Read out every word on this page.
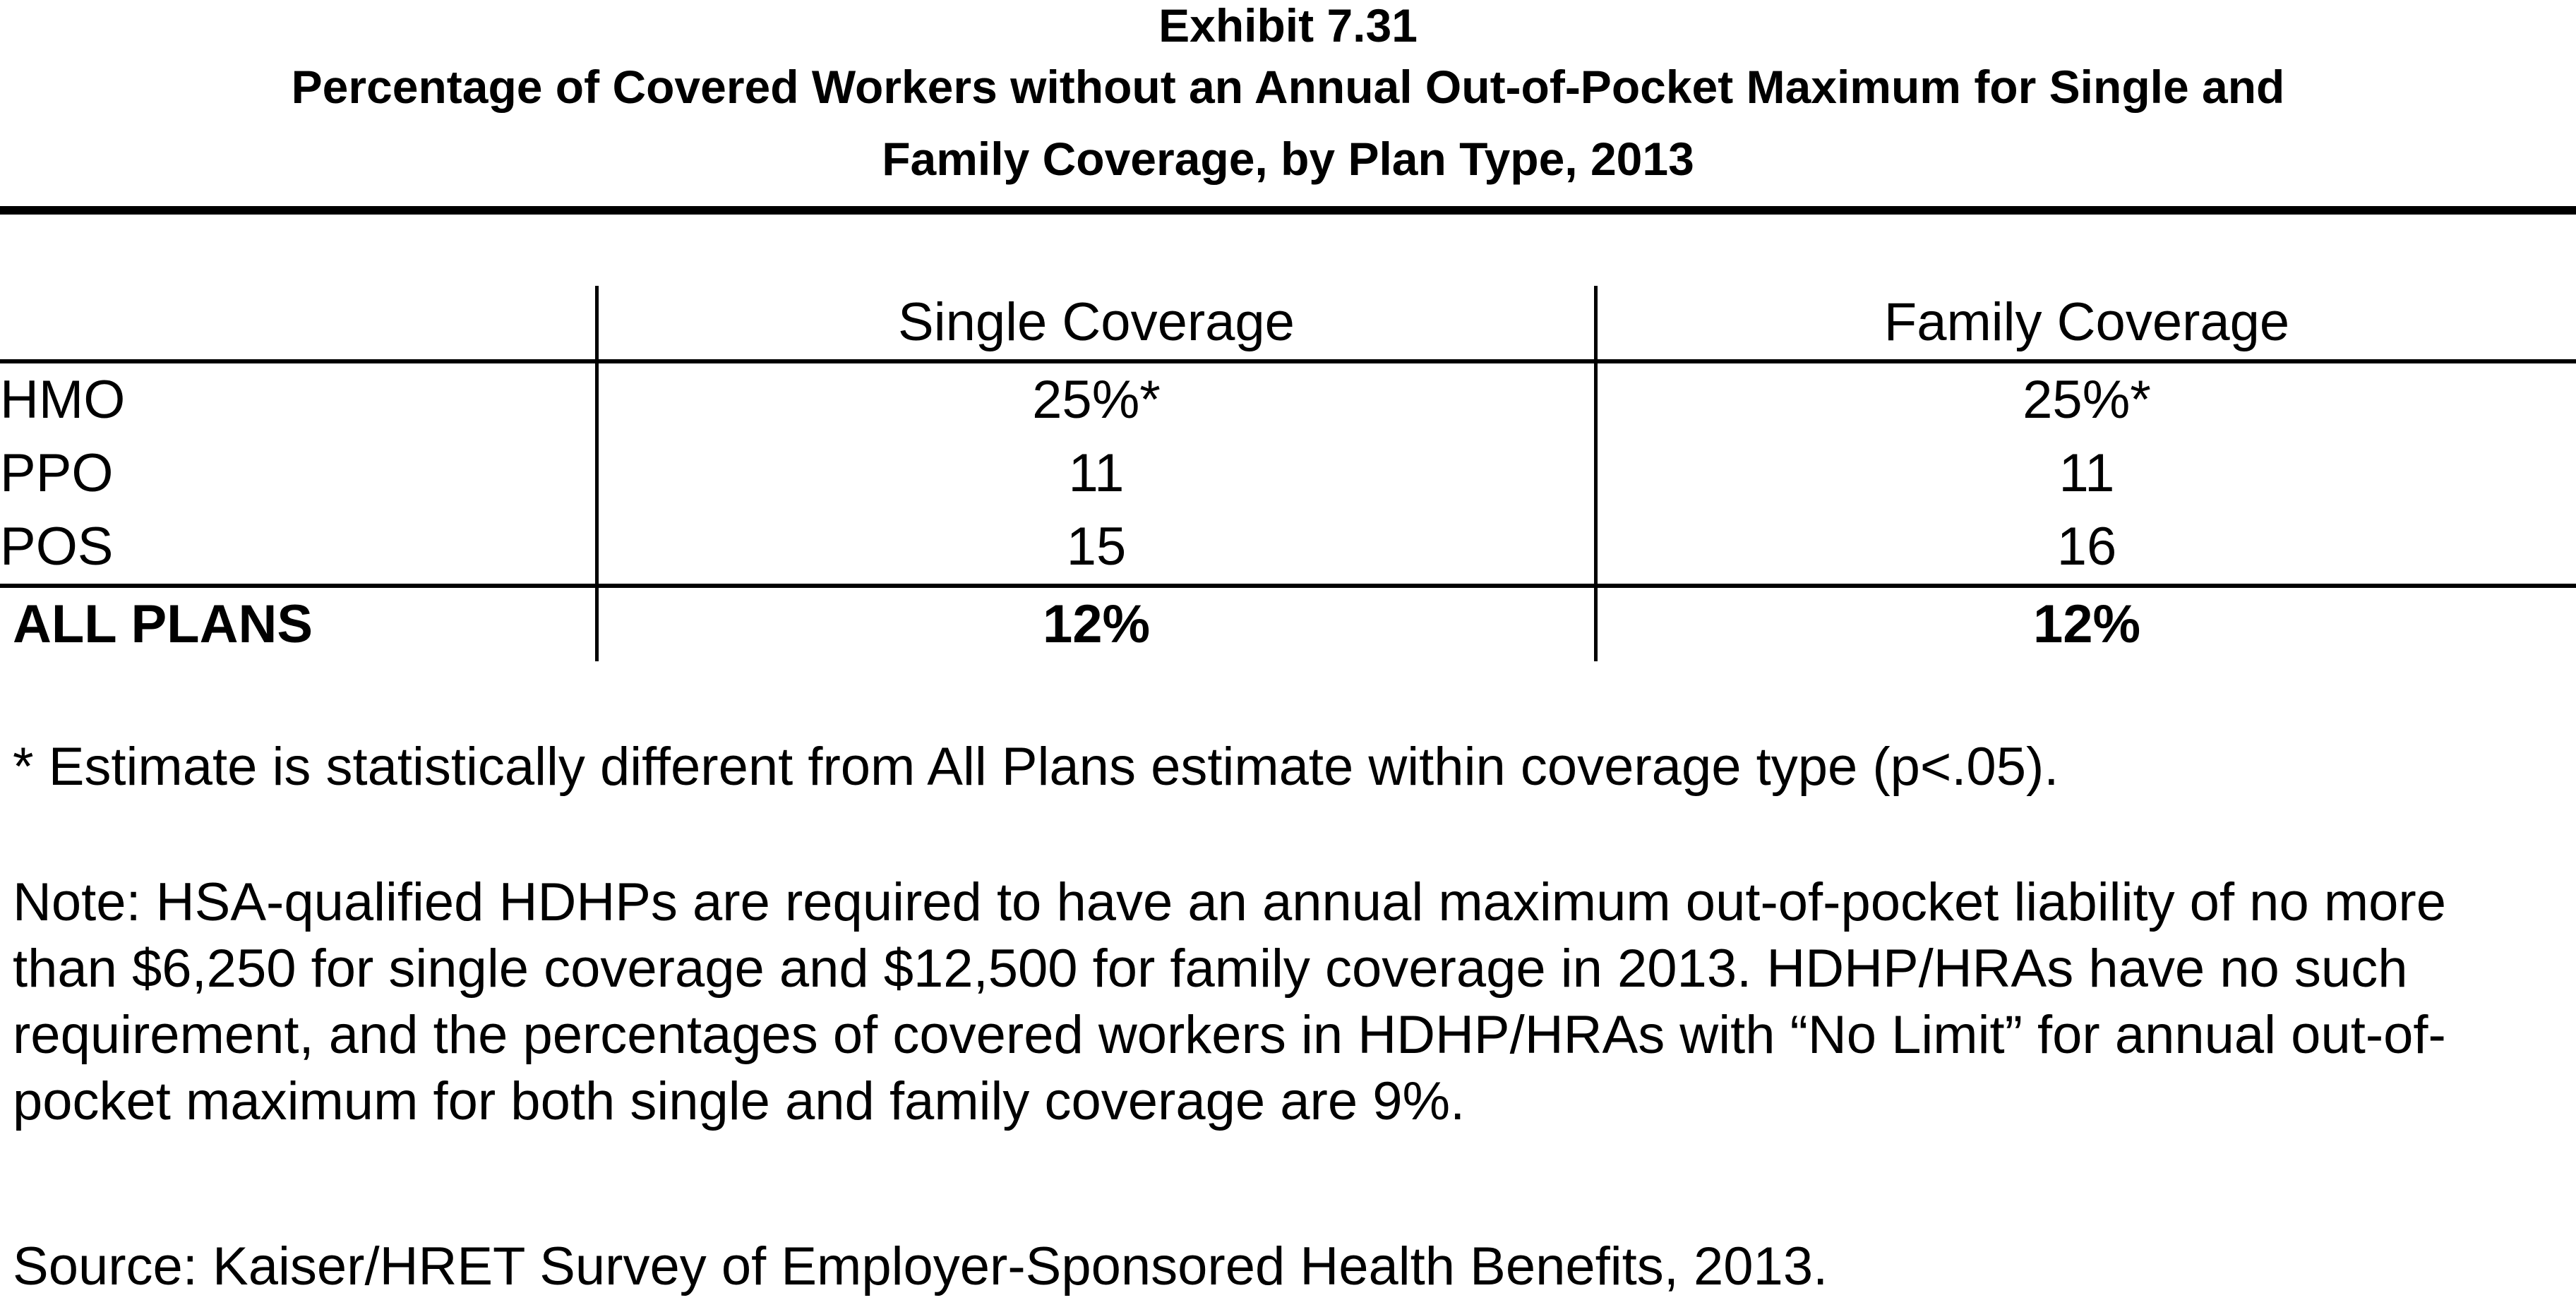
Exhibit 7.31
Percentage of Covered Workers without an Annual Out-of-Pocket Maximum for Single and
Family Coverage, by Plan Type, 2013
	Single Coverage	Family Coverage
HMO	25%*	25%*
PPO	11	11
POS	15	16
ALL PLANS	12%	12%
* Estimate is statistically different from All Plans estimate within coverage type (p<.05).
Note: HSA-qualified HDHPs are required to have an annual maximum out-of-pocket liability of no more than $6,250 for single coverage and $12,500 for family coverage in 2013. HDHP/HRAs have no such requirement, and the percentages of covered workers in HDHP/HRAs with “No Limit” for annual out-of-pocket maximum for both single and family coverage are 9%.
Source: Kaiser/HRET Survey of Employer-Sponsored Health Benefits, 2013.
